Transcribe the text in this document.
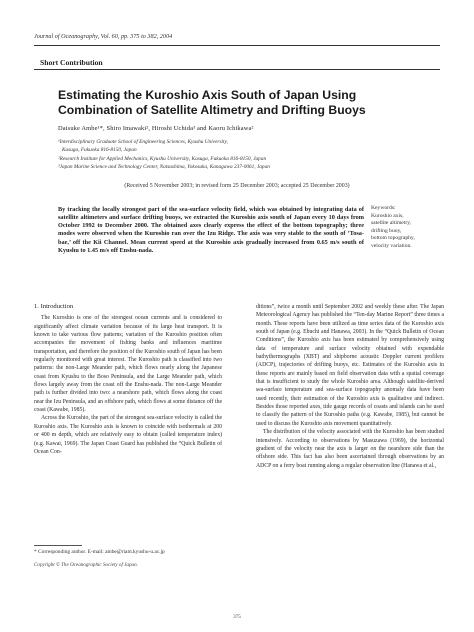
Journal of Oceanography, Vol. 60, pp. 375 to 382, 2004
Short Contribution
Estimating the Kuroshio Axis South of Japan Using Combination of Satellite Altimetry and Drifting Buoys
Daisuke Ambe¹*, Shiro Imawaki², Hiroshi Uchida³ and Kaoru Ichikawa²
¹Interdisciplinary Graduate School of Engineering Sciences, Kyushu University,
Kasuga, Fukuoka 816-8150, Japan
²Research Institute for Applied Mechanics, Kyushu University, Kasuga, Fukuoka 816-8150, Japan
³Japan Marine Science and Technology Center, Natsushima, Yokosuka, Kanagawa 237-0061, Japan
(Received 5 November 2003; in revised form 25 December 2003; accepted 25 December 2003)
By tracking the locally strongest part of the sea-surface velocity field, which was obtained by integrating data of satellite altimeters and surface drifting buoys, we extracted the Kuroshio axis south of Japan every 10 days from October 1992 to December 2000. The obtained axes clearly express the effect of the bottom topography; three modes were observed when the Kuroshio ran over the Izu Ridge. The axis was very stable to the south of ‘Tosa-bae,’ off the Kii Channel. Mean current speed at the Kuroshio axis gradually increased from 0.65 m/s south of Kyushu to 1.45 m/s off Enshu-nada.
Keywords:
Kuroshio axis,
satellite altimetry,
drifting buoy,
bottom topography,
velocity variation.
1. Introduction

The Kuroshio is one of the strongest ocean currents and is considered to significantly affect climate variation because of its large heat transport. It is known to take various flow patterns; variation of the Kuroshio position often accompanies the movement of fishing banks and influences maritime transportation, and therefore the position of the Kuroshio south of Japan has been regularly monitored with great interest. The Kuroshio path is classified into two patterns: the non-Large Meander path, which flows nearly along the Japanese coast from Kyushu to the Boso Peninsula, and the Large Meander path, which flows largely away from the coast off the Enshu-nada. The non-Large Meander path is further divided into two: a nearshore path, which flows along the coast near the Izu Peninsula, and an offshore path, which flows at some distance off the coast (Kawabe, 1985).

Across the Kuroshio, the part of the strongest sea-surface velocity is called the Kuroshio axis. The Kuroshio axis is known to coincide with isothermals at 200 or 400 m depth, which are relatively easy to obtain (called temperature index) (e.g. Kawai, 1969). The Japan Coast Guard has published the “Quick Bulletin of Ocean Con-

ditions”, twice a month until September 2002 and weekly these after. The Japan Meteorological Agency has published the “Ten-day Marine Report” three times a month. These reports have been utilized as time series data of the Kuroshio axis south of Japan (e.g. Ebuchi and Hanawa, 2003). In the “Quick Bulletin of Ocean Conditions”, the Kuroshio axis has been estimated by comprehensively using data of temperature and surface velocity obtained with expendable bathythermographs (XBT) and shipborne acoustic Doppler current profilers (ADCP), trajectories of drifting buoys, etc. Estimates of the Kuroshio axis in these reports are mainly based on field observation data with a spatial coverage that is insufficient to study the whole Kuroshio area. Although satellite-derived sea-surface temperature and sea-surface topography anomaly data have been used recently, their estimation of the Kuroshio axis is qualitative and indirect. Besides those reported axes, tide gauge records of coasts and islands can be used to classify the pattern of the Kuroshio paths (e.g. Kawabe, 1985), but cannot be used to discuss the Kuroshio axis movement quantitatively.

The distribution of the velocity associated with the Kuroshio has been studied intensively. According to observations by Masuzawa (1969), the horizontal gradient of the velocity near the axis is larger on the nearshore side than the offshore side. This fact has also been ascertained through observations by an ADCP on a ferry boat running along a regular observation line (Hanawa et al.,

* Corresponding author. E-mail: ambe@riam.kyushu-u.ac.jp
Copyright © The Oceanographic Society of Japan.
375
